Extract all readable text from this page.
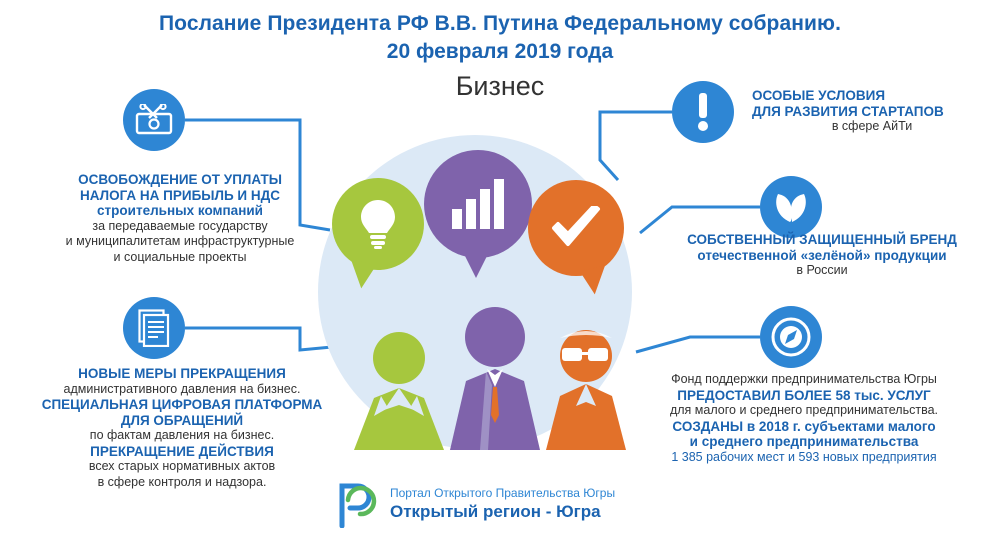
Послание Президента РФ В.В. Путина Федеральному собранию.
20 февраля 2019 года
Бизнес
ОСВОБОЖДЕНИЕ ОТ УПЛАТЫ
НАЛОГА НА ПРИБЫЛЬ И НДС
строительных компаний
за передаваемые государству
и муниципалитетам инфраструктурные
и социальные проекты
НОВЫЕ МЕРЫ ПРЕКРАЩЕНИЯ
административного давления на бизнес.
СПЕЦИАЛЬНАЯ ЦИФРОВАЯ ПЛАТФОРМА
ДЛЯ ОБРАЩЕНИЙ
по фактам давления на бизнес.
ПРЕКРАЩЕНИЕ ДЕЙСТВИЯ
всех старых нормативных актов
в сфере контроля и надзора.
ОСОБЫЕ УСЛОВИЯ
ДЛЯ РАЗВИТИЯ СТАРТАПОВ
в сфере АйТи
СОБСТВЕННЫЙ ЗАЩИЩЕННЫЙ БРЕНД
отечественной «зелёной» продукции
в России
Фонд поддержки предпринимательства Югры
ПРЕДОСТАВИЛ БОЛЕЕ 58 тыс. УСЛУГ
для малого и среднего предпринимательства.
СОЗДАНЫ в 2018 г. субъектами малого
и среднего предпринимательства
1 385 рабочих мест и 593 новых предприятия
Портал Открытого Правительства Югры
Открытый регион - Югра
